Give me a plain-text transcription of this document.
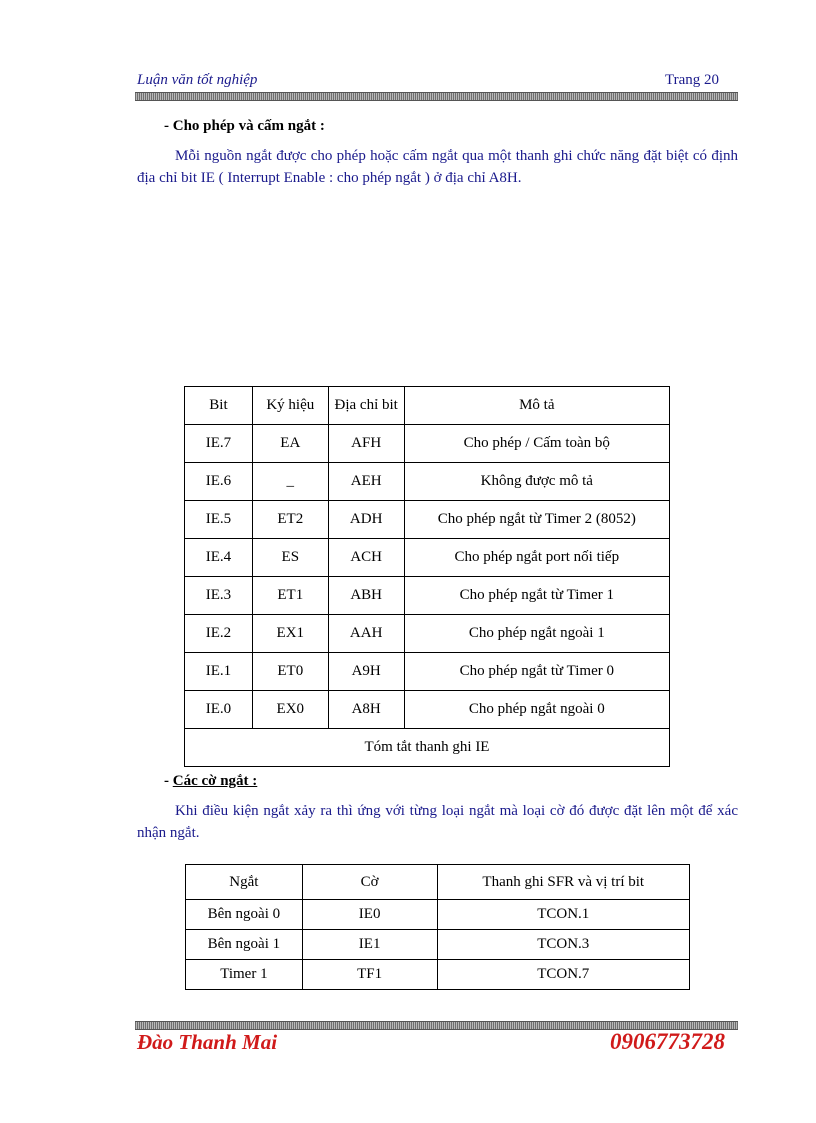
Luận văn tốt nghiệp	Trang 20
- Cho phép và cấm ngắt :

Mỗi nguồn ngắt được cho phép hoặc cấm ngắt qua một thanh ghi chức năng đặt biệt có định địa chỉ bit IE ( Interrupt Enable : cho phép ngắt ) ở địa chỉ A8H.

Bit	Ký hiệu	Địa chỉ bit	Mô tả
IE.7	EA	AFH	Cho phép / Cấm toàn bộ
IE.6	_	AEH	Không được mô tả
IE.5	ET2	ADH	Cho phép ngắt từ Timer 2 (8052)
IE.4	ES	ACH	Cho phép ngắt port nối tiếp
IE.3	ET1	ABH	Cho phép ngắt từ Timer 1
IE.2	EX1	AAH	Cho phép ngắt ngoài 1
IE.1	ET0	A9H	Cho phép ngắt từ Timer 0
IE.0	EX0	A8H	Cho phép ngắt ngoài 0
Tóm tắt thanh ghi IE			
- Các cờ ngắt :

Khi điều kiện ngắt xảy ra thì ứng với từng loại ngắt mà loại cờ đó được đặt lên một để xác nhận ngắt.

Ngắt	Cờ	Thanh ghi SFR và vị trí bit
Bên ngoài 0	IE0	TCON.1
Bên ngoài 1	IE1	TCON.3
Timer 1	TF1	TCON.7
Đào Thanh Mai	0906773728
